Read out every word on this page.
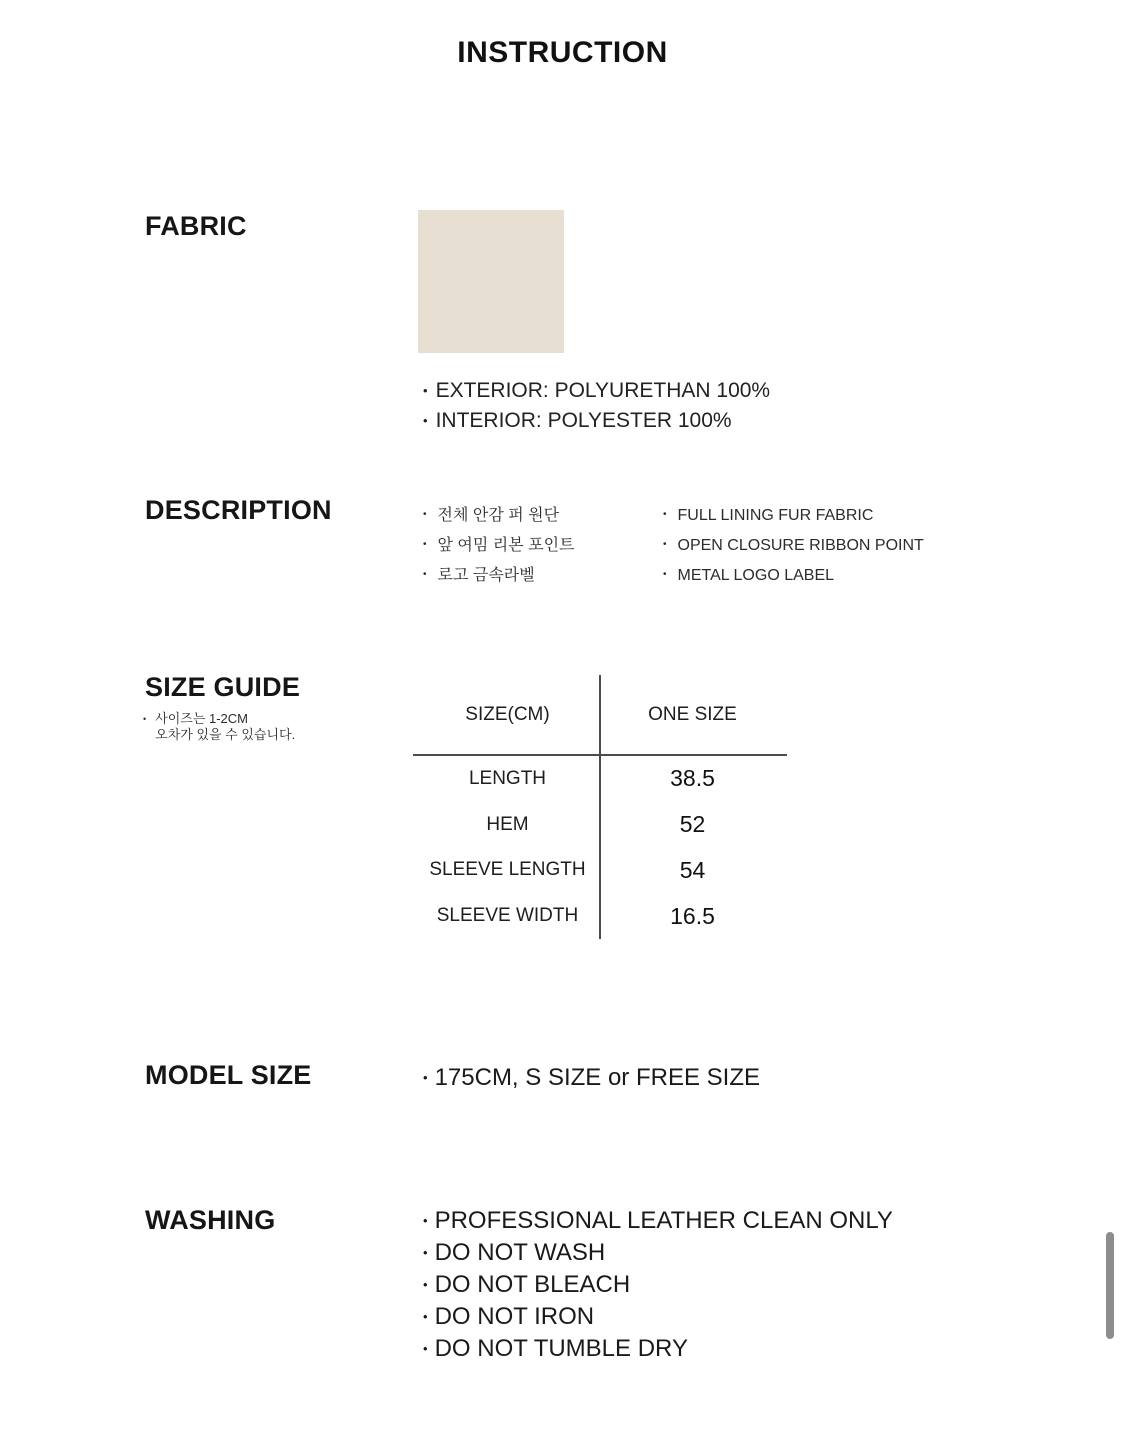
INSTRUCTION
FABRIC
• EXTERIOR: POLYURETHAN 100%
• INTERIOR: POLYESTER 100%
DESCRIPTION	• 전체 안감 퍼 원단
• 앞 여밈 리본 포인트
• 로고 금속라벨
• FULL LINING FUR FABRIC
• OPEN CLOSURE RIBBON POINT
• METAL LOGO LABEL
SIZE GUIDE
• 사이즈는 1-2CM
오차가 있을 수 있습니다.
SIZE(CM)	ONE SIZE
LENGTH	38.5
HEM	52
SLEEVE LENGTH	54
SLEEVE WIDTH	16.5
MODEL SIZE	• 175CM, S SIZE or FREE SIZE
WASHING	• PROFESSIONAL LEATHER CLEAN ONLY
• DO NOT WASH
• DO NOT BLEACH
• DO NOT IRON
• DO NOT TUMBLE DRY
